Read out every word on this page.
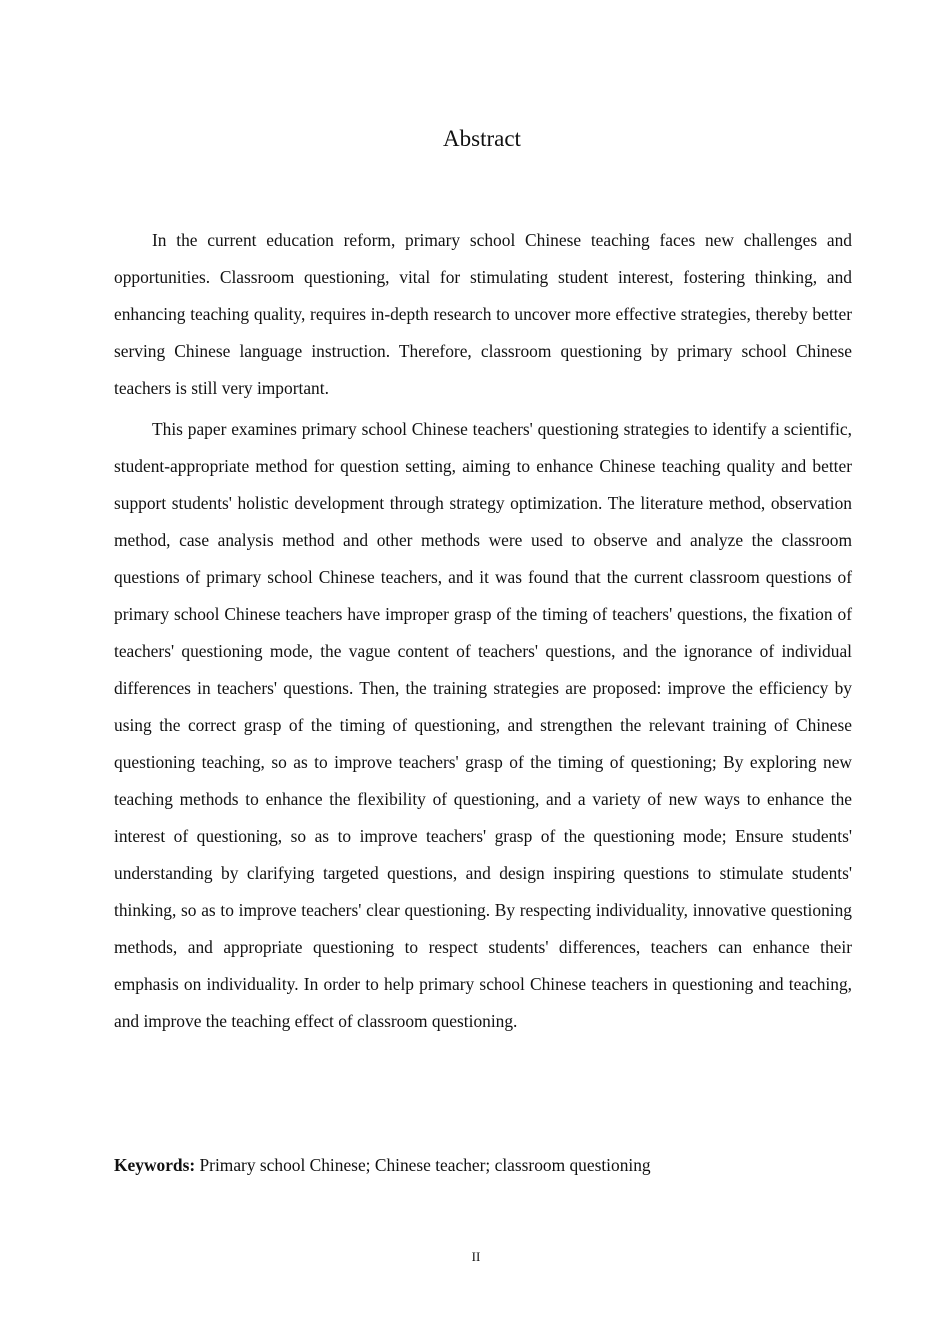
Abstract

In the current education reform, primary school Chinese teaching faces new challenges and opportunities. Classroom questioning, vital for stimulating student interest, fostering thinking, and enhancing teaching quality, requires in-depth research to uncover more effective strategies, thereby better serving Chinese language instruction. Therefore, classroom questioning by primary school Chinese teachers is still very important.

This paper examines primary school Chinese teachers' questioning strategies to identify a scientific, student-appropriate method for question setting, aiming to enhance Chinese teaching quality and better support students' holistic development through strategy optimization. The literature method, observation method, case analysis method and other methods were used to observe and analyze the classroom questions of primary school Chinese teachers, and it was found that the current classroom questions of primary school Chinese teachers have improper grasp of the timing of teachers' questions, the fixation of teachers' questioning mode, the vague content of teachers' questions, and the ignorance of individual differences in teachers' questions. Then, the training strategies are proposed: improve the efficiency by using the correct grasp of the timing of questioning, and strengthen the relevant training of Chinese questioning teaching, so as to improve teachers' grasp of the timing of questioning; By exploring new teaching methods to enhance the flexibility of questioning, and a variety of new ways to enhance the interest of questioning, so as to improve teachers' grasp of the questioning mode; Ensure students' understanding by clarifying targeted questions, and design inspiring questions to stimulate students' thinking, so as to improve teachers' clear questioning. By respecting individuality, innovative questioning methods, and appropriate questioning to respect students' differences, teachers can enhance their emphasis on individuality. In order to help primary school Chinese teachers in questioning and teaching, and improve the teaching effect of classroom questioning.

Keywords: Primary school Chinese; Chinese teacher; classroom questioning
II
